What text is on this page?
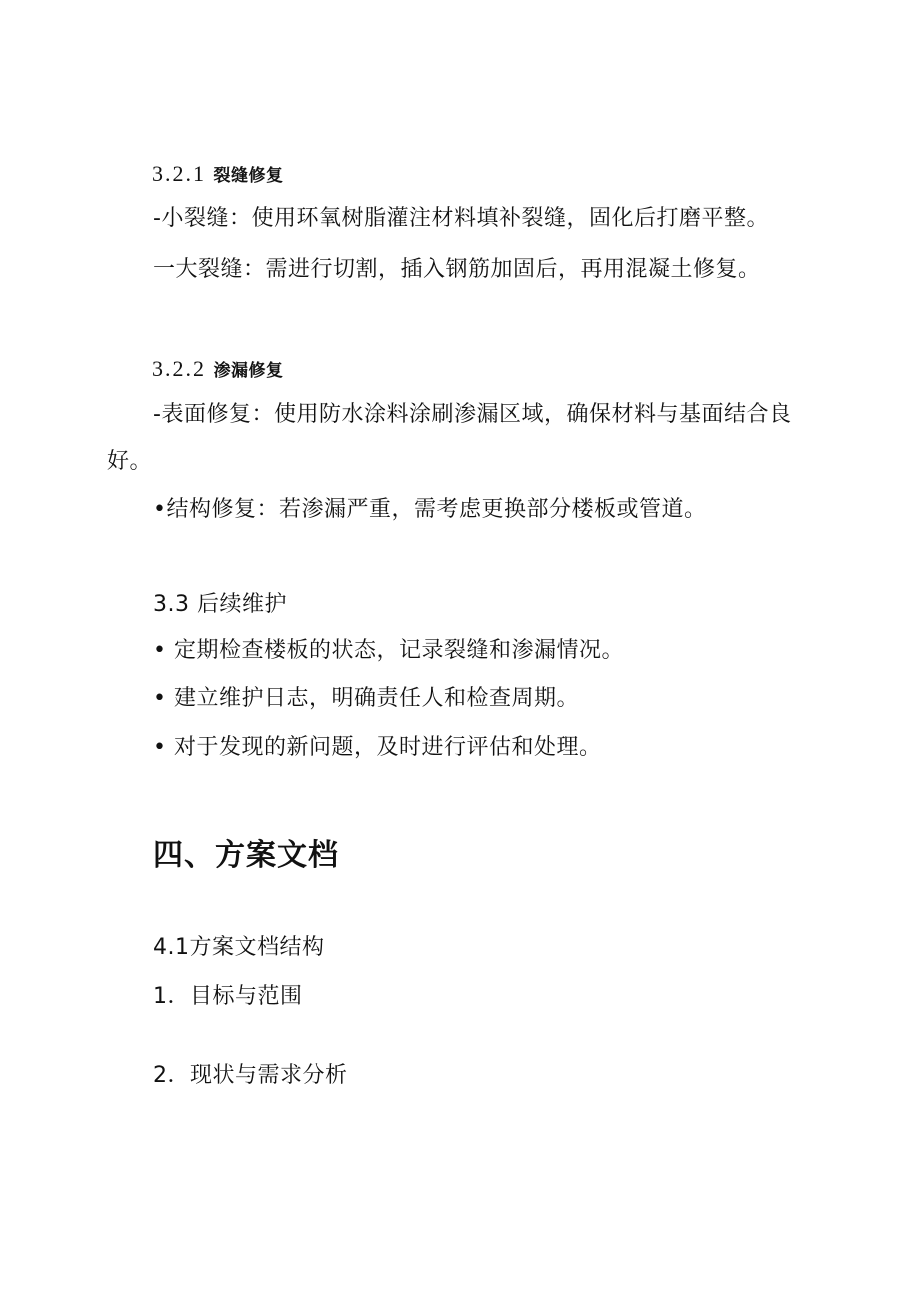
3.2.1 裂缝修复
-小裂缝：使用环氧树脂灌注材料填补裂缝，固化后打磨平整。
一大裂缝：需进行切割，插入钢筋加固后，再用混凝土修复。
3.2.2 渗漏修复
-表面修复：使用防水涂料涂刷渗漏区域，确保材料与基面结合良
好。
•结构修复：若渗漏严重，需考虑更换部分楼板或管道。
3.3 后续维护
• 定期检查楼板的状态，记录裂缝和渗漏情况。
• 建立维护日志，明确责任人和检查周期。
• 对于发现的新问题，及时进行评估和处理。
四、方案文档
4.1方案文档结构
1．目标与范围
2．现状与需求分析
